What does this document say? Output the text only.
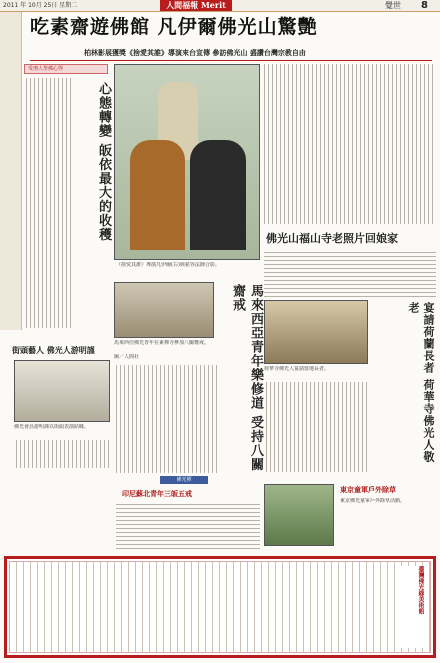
2011 年 10月 25日 星期二	人間福報 Merit	覺世 8
吃素齋遊佛館 凡伊爾佛光山驚艷
柏林影展獲獎《捨愛其誰》導演來台宣傳 參訪佛光山 盛讚台灣宗教自由
受刑人學佛心得
心態轉變 皈依最大的收穫
《捨愛其誰》導演凡伊爾(右)與慈容法師合影。
佛光山福山寺老照片回娘家
馬來西亞佛光青年在東禪寺參加八關齋戒。
圖／人間社	馬來西亞青年樂修道 受持八關齋戒
街頭藝人 佛光人游明謹
佛光會員游明謹以街頭表演結緣。
荷華寺佛光人宴請當地長者。	宴請荷蘭長者 荷華寺佛光人敬老
佛光禪
印尼蘇北青年三皈五戒	東京童軍戶外除草
東京佛光童軍戶外除草活動。
臺灣佛光緣美術館
